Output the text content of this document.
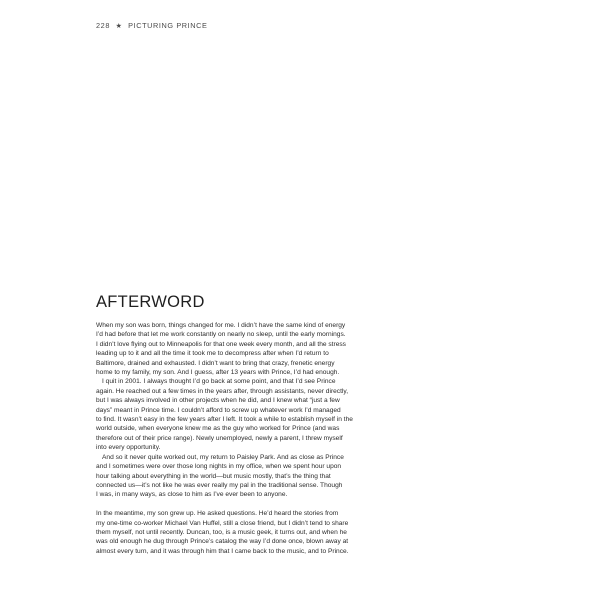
228 ★ PICTURING PRINCE
AFTERWORD
When my son was born, things changed for me. I didn’t have the same kind of energy
I’d had before that let me work constantly on nearly no sleep, until the early mornings.
I didn’t love flying out to Minneapolis for that one week every month, and all the stress
leading up to it and all the time it took me to decompress after when I’d return to
Baltimore, drained and exhausted. I didn’t want to bring that crazy, frenetic energy
home to my family, my son. And I guess, after 13 years with Prince, I’d had enough.
I quit in 2001. I always thought I’d go back at some point, and that I’d see Prince
again. He reached out a few times in the years after, through assistants, never directly,
but I was always involved in other projects when he did, and I knew what “just a few
days” meant in Prince time. I couldn’t afford to screw up whatever work I’d managed
to find. It wasn’t easy in the few years after I left. It took a while to establish myself in the
world outside, when everyone knew me as the guy who worked for Prince (and was
therefore out of their price range). Newly unemployed, newly a parent, I threw myself
into every opportunity.
And so it never quite worked out, my return to Paisley Park. And as close as Prince
and I sometimes were over those long nights in my office, when we spent hour upon
hour talking about everything in the world—but music mostly, that’s the thing that
connected us—it’s not like he was ever really my pal in the traditional sense. Though
I was, in many ways, as close to him as I’ve ever been to anyone.
In the meantime, my son grew up. He asked questions. He’d heard the stories from
my one-time co-worker Michael Van Huffel, still a close friend, but I didn’t tend to share
them myself, not until recently. Duncan, too, is a music geek, it turns out, and when he
was old enough he dug through Prince’s catalog the way I’d done once, blown away at
almost every turn, and it was through him that I came back to the music, and to Prince.
